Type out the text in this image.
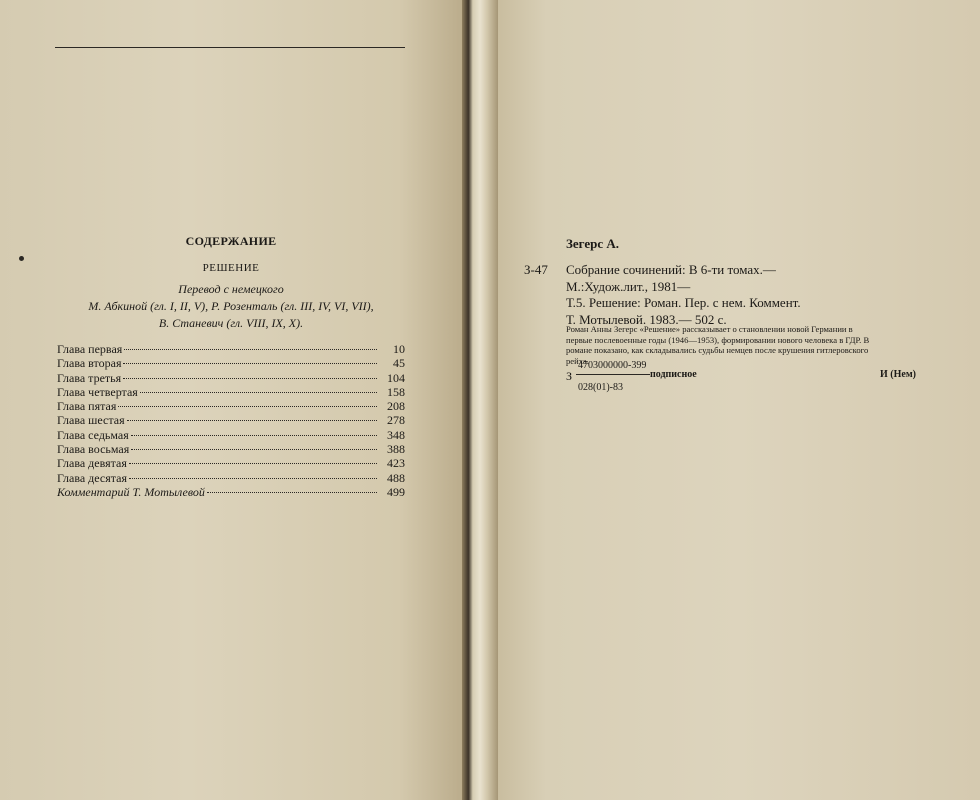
СОДЕРЖАНИЕ
РЕШЕНИЕ
Перевод с немецкого
М. Абкиной (гл. I, II, V), Р. Розенталь (гл. III, IV, VI, VII),
В. Станевич (гл. VIII, IX, X).
Глава первая	10
Глава вторая	45
Глава третья	104
Глава четвертая	158
Глава пятая	208
Глава шестая	278
Глава седьмая	348
Глава восьмая	388
Глава девятая	423
Глава десятая	488
Комментарий Т. Мотылевой	499
Зегерс А.
З-47 Собрание сочинений: В 6-ти томах.—
М.:Худож.лит., 1981—
Т.5. Решение: Роман. Пер. с нем. Коммент.
Т. Мотылевой. 1983.— 502 с.
Роман Анны Зегерс «Решение» рассказывает о становлении новой Германии в
первые послевоенные годы (1946—1953), формировании нового человека в ГДР. В
романе показано, как складывались судьбы немцев после крушения гитлеровского
рейха.
З
4703000000-399
подписное
028(01)-83
И (Нем)
